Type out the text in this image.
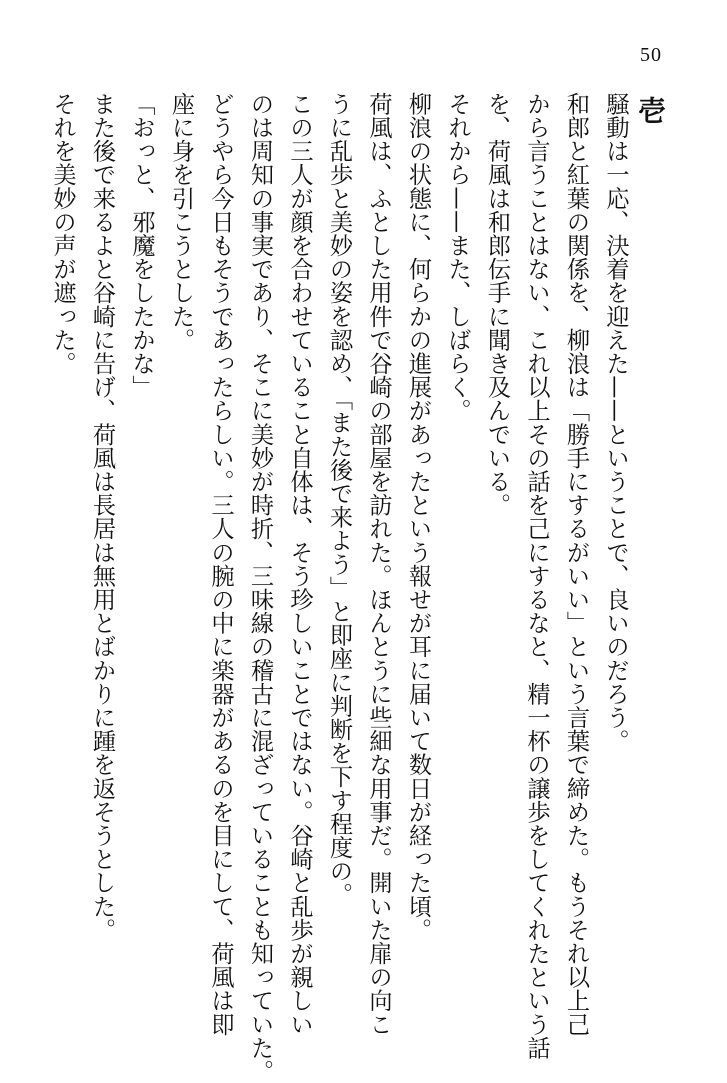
50
壱

騒動は一応、決着を迎えた——ということで、良いのだろう。

和郎と紅葉の関係を、柳浪は「勝手にするがいい」という言葉で締めた。もうそれ以上己

から言うことはない、これ以上その話を己にするなと、精一杯の譲歩をしてくれたという話

を、荷風は和郎伝手に聞き及んでいる。

それから——また、しばらく。

柳浪の状態に、何らかの進展があったという報せが耳に届いて数日が経った頃。

荷風は、ふとした用件で谷崎の部屋を訪れた。ほんとうに些細な用事だ。開いた扉の向こ

うに乱歩と美妙の姿を認め、「また後で来よう」と即座に判断を下す程度の。

この三人が顔を合わせていること自体は、そう珍しいことではない。谷崎と乱歩が親しい

のは周知の事実であり、そこに美妙が時折、三味線の稽古に混ざっていることも知っていた。

どうやら今日もそうであったらしい。三人の腕の中に楽器があるのを目にして、荷風は即

座に身を引こうとした。

「おっと、邪魔をしたかな」

また後で来るよと谷崎に告げ、荷風は長居は無用とばかりに踵を返そうとした。

それを美妙の声が遮った。
